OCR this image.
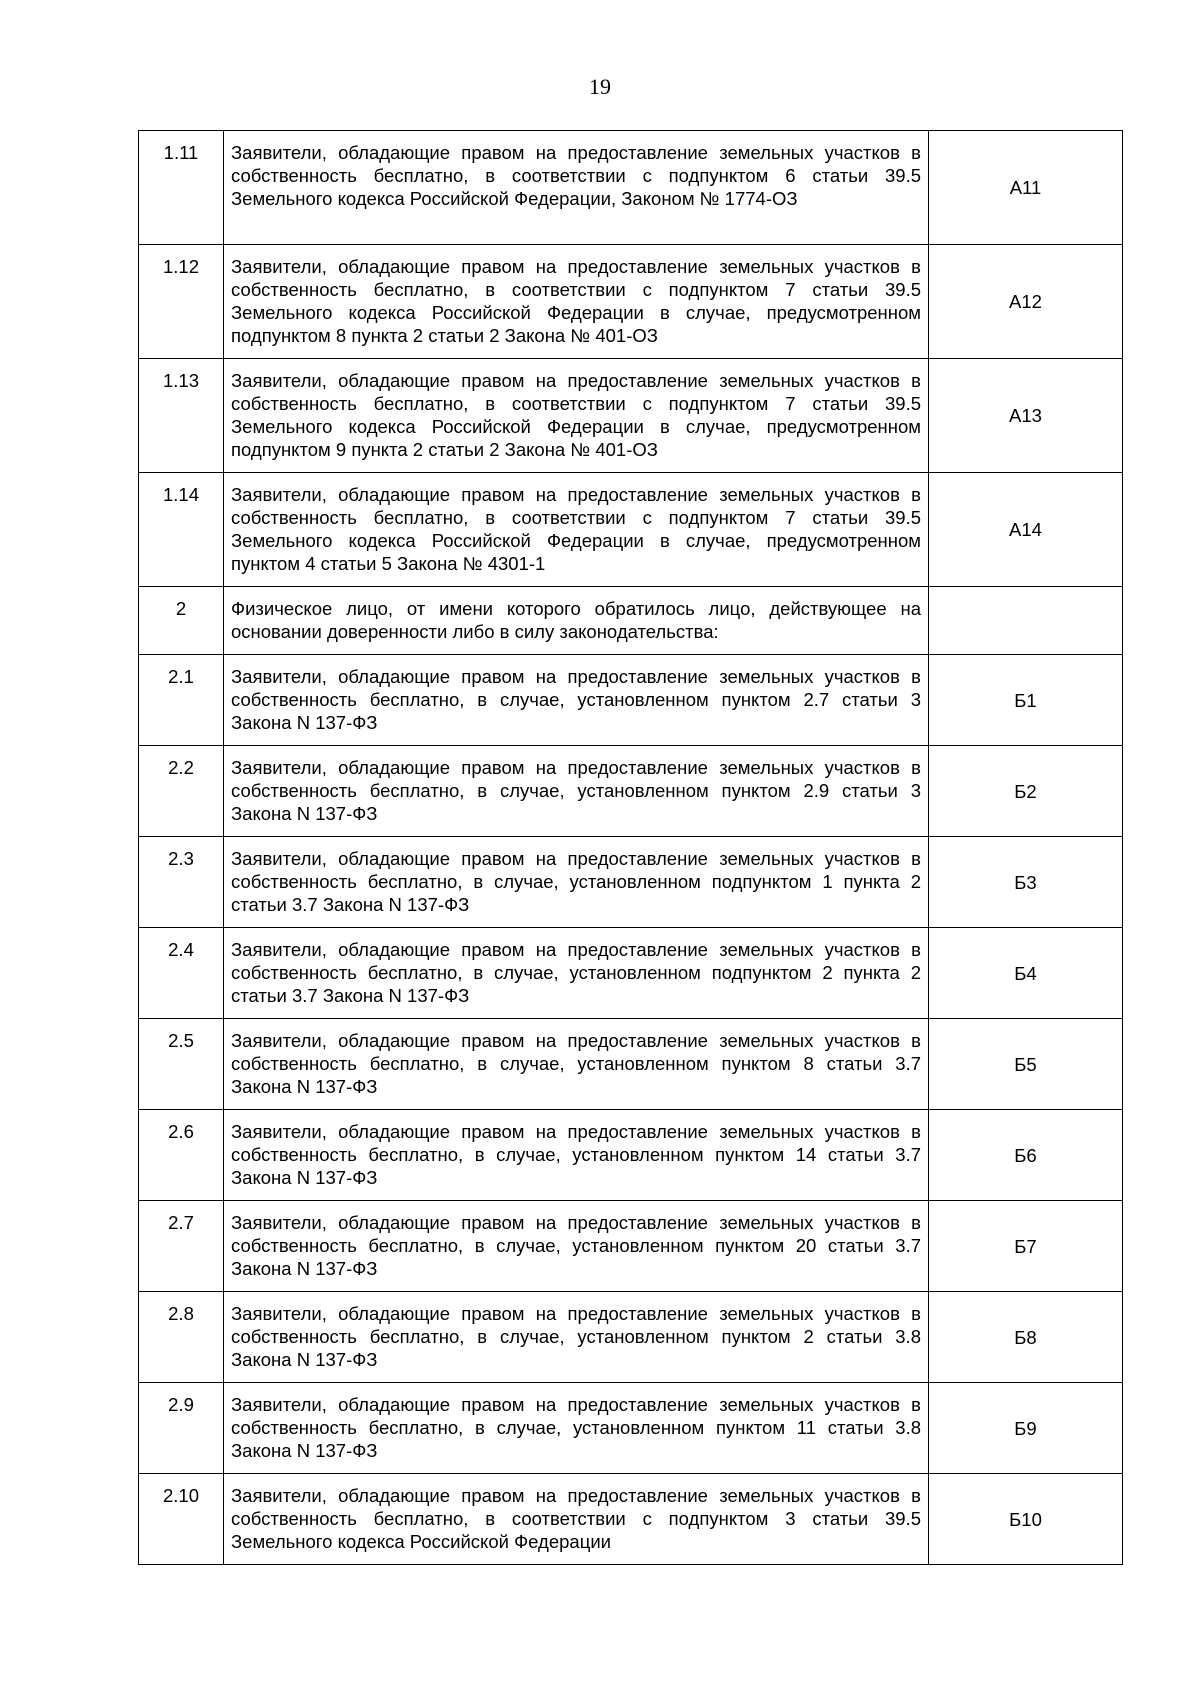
19
1.11	Заявители, обладающие правом на предоставление земельных участков в собственность бесплатно, в соответствии с подпунктом 6 статьи 39.5 Земельного кодекса Российской Федерации, Законом № 1774-ОЗ	А11
1.12	Заявители, обладающие правом на предоставление земельных участков в собственность бесплатно, в соответствии с подпунктом 7 статьи 39.5 Земельного кодекса Российской Федерации в случае, предусмотренном подпунктом 8 пункта 2 статьи 2 Закона № 401-ОЗ	А12
1.13	Заявители, обладающие правом на предоставление земельных участков в собственность бесплатно, в соответствии с подпунктом 7 статьи 39.5 Земельного кодекса Российской Федерации в случае, предусмотренном подпунктом 9 пункта 2 статьи 2 Закона № 401-ОЗ	А13
1.14	Заявители, обладающие правом на предоставление земельных участков в собственность бесплатно, в соответствии с подпунктом 7 статьи 39.5 Земельного кодекса Российской Федерации в случае, предусмотренном пунктом 4 статьи 5 Закона № 4301-1	А14
2	Физическое лицо, от имени которого обратилось лицо, действующее на основании доверенности либо в силу законодательства:	
2.1	Заявители, обладающие правом на предоставление земельных участков в собственность бесплатно, в случае, установленном пунктом 2.7 статьи 3 Закона N 137-ФЗ	Б1
2.2	Заявители, обладающие правом на предоставление земельных участков в собственность бесплатно, в случае, установленном пунктом 2.9 статьи 3 Закона N 137-ФЗ	Б2
2.3	Заявители, обладающие правом на предоставление земельных участков в собственность бесплатно, в случае, установленном подпунктом 1 пункта 2 статьи 3.7 Закона N 137-ФЗ	Б3
2.4	Заявители, обладающие правом на предоставление земельных участков в собственность бесплатно, в случае, установленном подпунктом 2 пункта 2 статьи 3.7 Закона N 137-ФЗ	Б4
2.5	Заявители, обладающие правом на предоставление земельных участков в собственность бесплатно, в случае, установленном пунктом 8 статьи 3.7 Закона N 137-ФЗ	Б5
2.6	Заявители, обладающие правом на предоставление земельных участков в собственность бесплатно, в случае, установленном пунктом 14 статьи 3.7 Закона N 137-ФЗ	Б6
2.7	Заявители, обладающие правом на предоставление земельных участков в собственность бесплатно, в случае, установленном пунктом 20 статьи 3.7 Закона N 137-ФЗ	Б7
2.8	Заявители, обладающие правом на предоставление земельных участков в собственность бесплатно, в случае, установленном пунктом 2 статьи 3.8 Закона N 137-ФЗ	Б8
2.9	Заявители, обладающие правом на предоставление земельных участков в собственность бесплатно, в случае, установленном пунктом 11 статьи 3.8 Закона N 137-ФЗ	Б9
2.10	Заявители, обладающие правом на предоставление земельных участков в собственность бесплатно, в соответствии с подпунктом 3 статьи 39.5 Земельного кодекса Российской Федерации	Б10
